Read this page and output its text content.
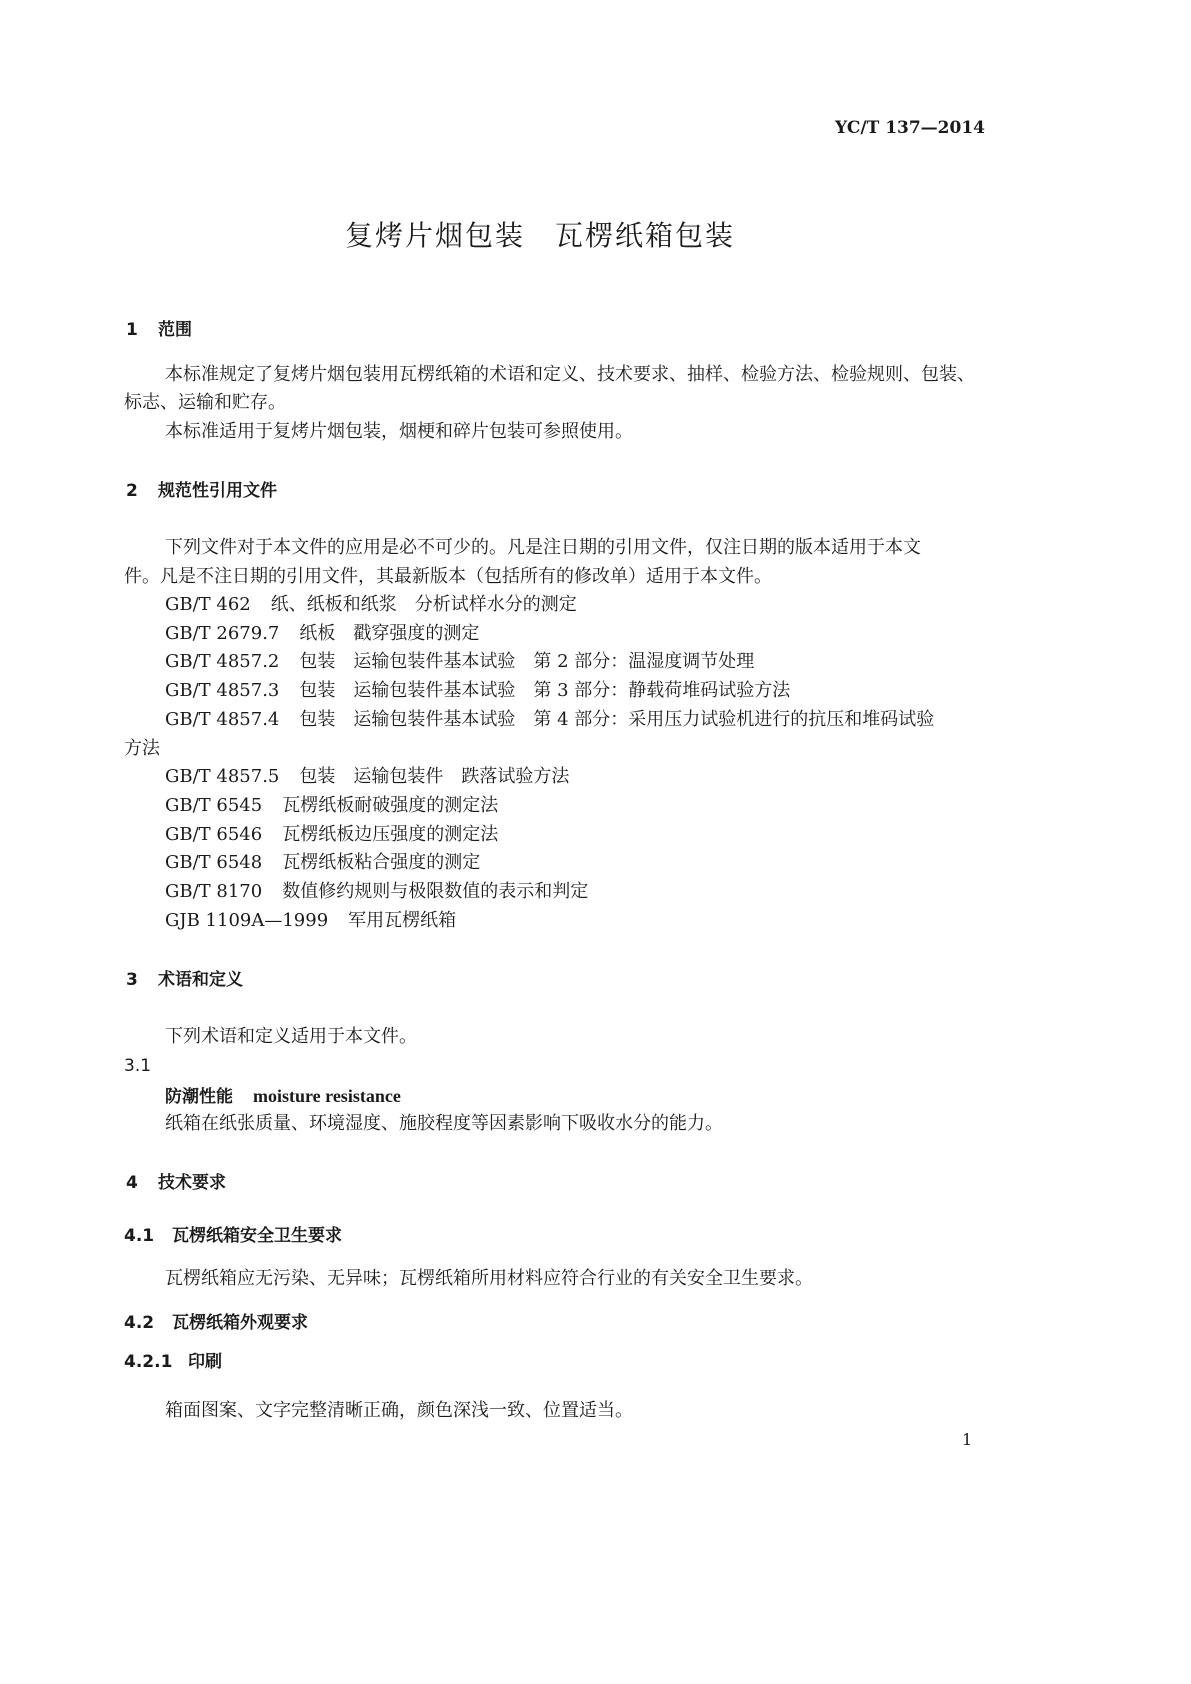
YC/T 137—2014
复烤片烟包装　瓦楞纸箱包装
1 范围
本标准规定了复烤片烟包装用瓦楞纸箱的术语和定义、技术要求、抽样、检验方法、检验规则、包装、
标志、运输和贮存。
本标准适用于复烤片烟包装，烟梗和碎片包装可参照使用。
2 规范性引用文件
下列文件对于本文件的应用是必不可少的。凡是注日期的引用文件，仅注日期的版本适用于本文
件。凡是不注日期的引用文件，其最新版本（包括所有的修改单）适用于本文件。
GB/T 462 纸、纸板和纸浆　分析试样水分的测定
GB/T 2679.7 纸板　戳穿强度的测定
GB/T 4857.2 包装　运输包装件基本试验　第 2 部分：温湿度调节处理
GB/T 4857.3 包装　运输包装件基本试验　第 3 部分：静载荷堆码试验方法
GB/T 4857.4 包装　运输包装件基本试验　第 4 部分：采用压力试验机进行的抗压和堆码试验
方法
GB/T 4857.5 包装　运输包装件　跌落试验方法
GB/T 6545 瓦楞纸板耐破强度的测定法
GB/T 6546 瓦楞纸板边压强度的测定法
GB/T 6548 瓦楞纸板粘合强度的测定
GB/T 8170 数值修约规则与极限数值的表示和判定
GJB 1109A—1999 军用瓦楞纸箱
3 术语和定义
下列术语和定义适用于本文件。
3.1
防潮性能 moisture resistance
纸箱在纸张质量、环境湿度、施胶程度等因素影响下吸收水分的能力。
4 技术要求
4.1 瓦楞纸箱安全卫生要求
瓦楞纸箱应无污染、无异味；瓦楞纸箱所用材料应符合行业的有关安全卫生要求。
4.2 瓦楞纸箱外观要求
4.2.1 印刷
箱面图案、文字完整清晰正确，颜色深浅一致、位置适当。
1
